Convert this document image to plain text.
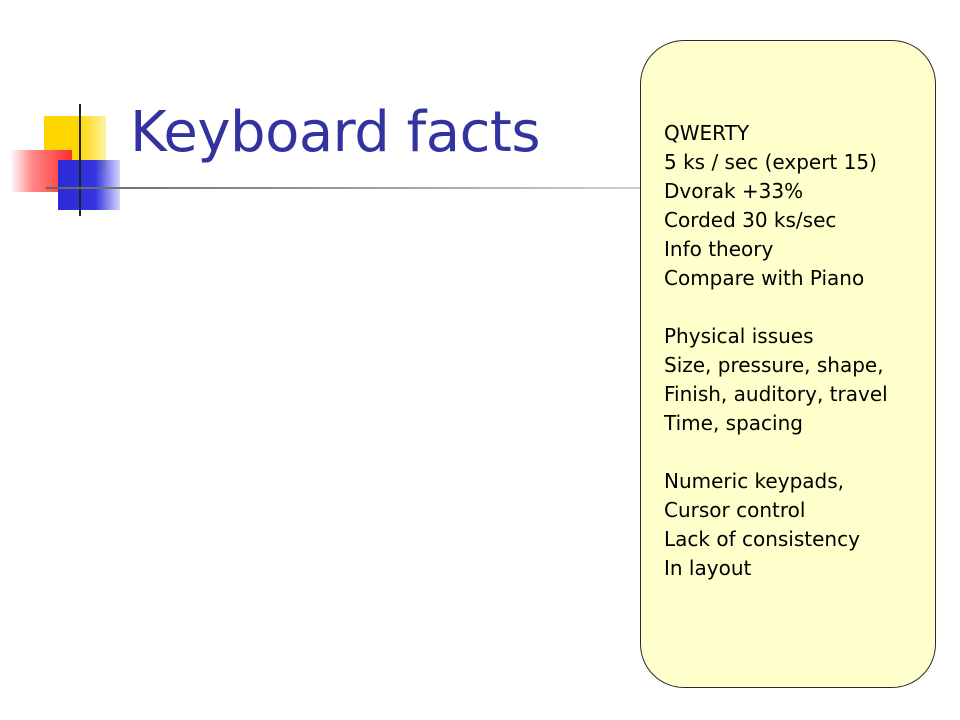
Keyboard facts	QWERTY
5 ks / sec (expert 15)
Dvorak +33%
Corded 30 ks/sec
Info theory
Compare with Piano
Physical issues
Size, pressure, shape,
Finish, auditory, travel
Time, spacing
Numeric keypads,
Cursor control
Lack of consistency
In layout
